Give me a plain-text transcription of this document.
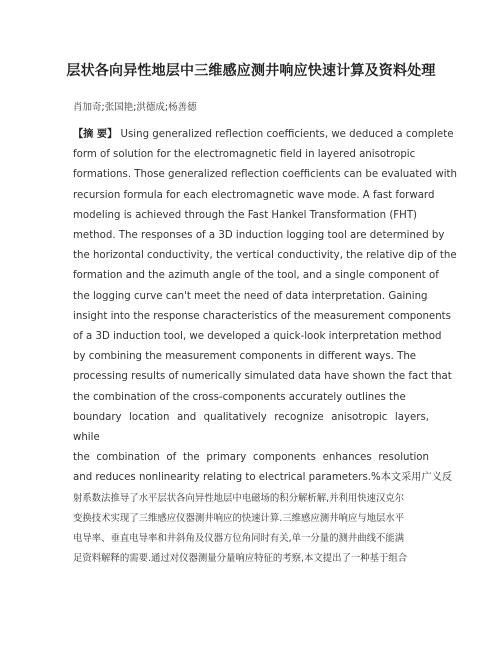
层状各向异性地层中三维感应测井响应快速计算及资料处理
肖加奇;张国艳;洪德成;杨善德
【摘 要】 Using generalized reflection coefficients, we deduced a complete
form of solution for the electromagnetic field in layered anisotropic
formations. Those generalized reflection coefficients can be evaluated with
recursion formula for each electromagnetic wave mode. A fast forward
modeling is achieved through the Fast Hankel Transformation (FHT)
method. The responses of a 3D induction logging tool are determined by
the horizontal conductivity, the vertical conductivity, the relative dip of the
formation and the azimuth angle of the tool, and a single component of
the logging curve can't meet the need of data interpretation. Gaining
insight into the response characteristics of the measurement components
of a 3D induction tool, we developed a quick-look interpretation method
by combining the measurement components in different ways. The
processing results of numerically simulated data have shown the fact that
the combination of the cross-components accurately outlines the
boundary location and qualitatively recognize anisotropic layers, while
the combination of the primary components enhances resolution
and reduces nonlinearity relating to electrical parameters.%本文采用广义反
射系数法推导了水平层状各向异性地层中电磁场的积分解析解,并利用快速汉克尔
变换技术实现了三维感应仪器测井响应的快速计算.三维感应测井响应与地层水平
电导率、垂直电导率和井斜角及仪器方位角同时有关,单一分量的测井曲线不能满
足资料解释的需要.通过对仪器测量分量响应特征的考察,本文提出了一种基于组合
